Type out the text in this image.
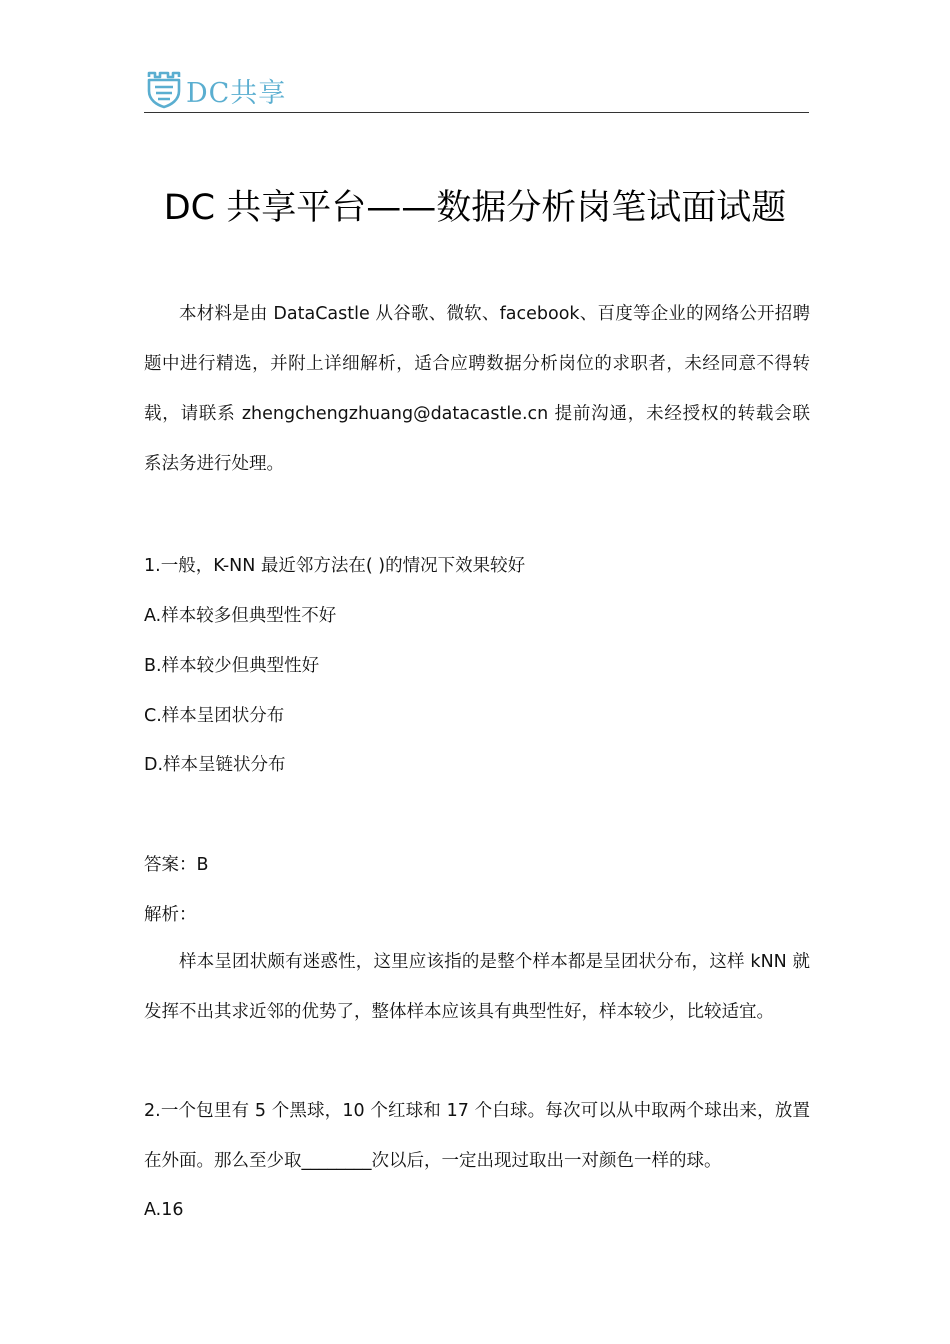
DC共享
DC 共享平台——数据分析岗笔试面试题
本材料是由 DataCastle 从谷歌、微软、facebook、百度等企业的网络公开招聘题中进行精选，并附上详细解析，适合应聘数据分析岗位的求职者，未经同意不得转载，请联系 zhengchengzhuang@datacastle.cn 提前沟通，未经授权的转载会联系法务进行处理。
1.一般，K-NN 最近邻方法在( )的情况下效果较好
A.样本较多但典型性不好
B.样本较少但典型性好
C.样本呈团状分布
D.样本呈链状分布
答案：B
解析：
样本呈团状颇有迷惑性，这里应该指的是整个样本都是呈团状分布，这样 kNN 就发挥不出其求近邻的优势了，整体样本应该具有典型性好，样本较少，比较适宜。
2.一个包里有 5 个黑球，10 个红球和 17 个白球。每次可以从中取两个球出来，放置在外面。那么至少取________次以后，一定出现过取出一对颜色一样的球。
A.16
